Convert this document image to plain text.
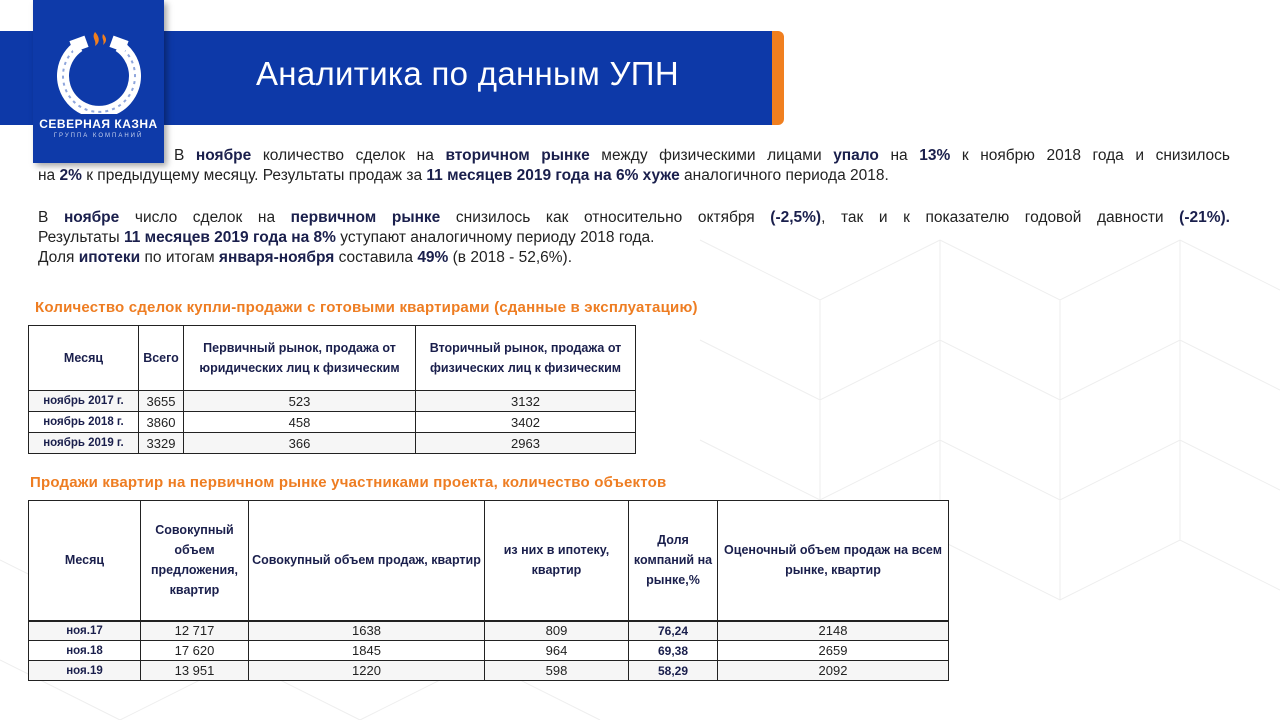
Аналитика по данным УПН
СЕВЕРНАЯ КАЗНА
ГРУППА КОМПАНИЙ
В ноябре количество сделок на вторичном рынке между физическими лицами упало на 13% к ноябрю 2018 года и снизилось
на 2% к предыдущему месяцу. Результаты продаж за 11 месяцев 2019 года на 6% хуже аналогичного периода 2018.
В ноябре число сделок на первичном рынке снизилось как относительно октября (-2,5%), так и к показателю годовой давности (-21%).
Результаты 11 месяцев 2019 года на 8% уступают аналогичному периоду 2018 года.
Доля ипотеки по итогам января-ноября составила 49% (в 2018 - 52,6%).
Количество сделок купли-продажи с готовыми квартирами (сданные в эксплуатацию)
Месяц	Всего	Первичный рынок, продажа от юридических лиц к физическим	Вторичный рынок, продажа от физических лиц к физическим
ноябрь 2017 г.	3655	523	3132
ноябрь 2018 г.	3860	458	3402
ноябрь 2019 г.	3329	366	2963
Продажи квартир на первичном рынке участниками проекта, количество объектов
Месяц	Совокупный объем предложения, квартир	Совокупный объем продаж, квартир	из них в ипотеку, квартир	Доля компаний на рынке,%	Оценочный объем продаж на всем рынке, квартир
ноя.17	12 717	1638	809	76,24	2148
ноя.18	17 620	1845	964	69,38	2659
ноя.19	13 951	1220	598	58,29	2092
